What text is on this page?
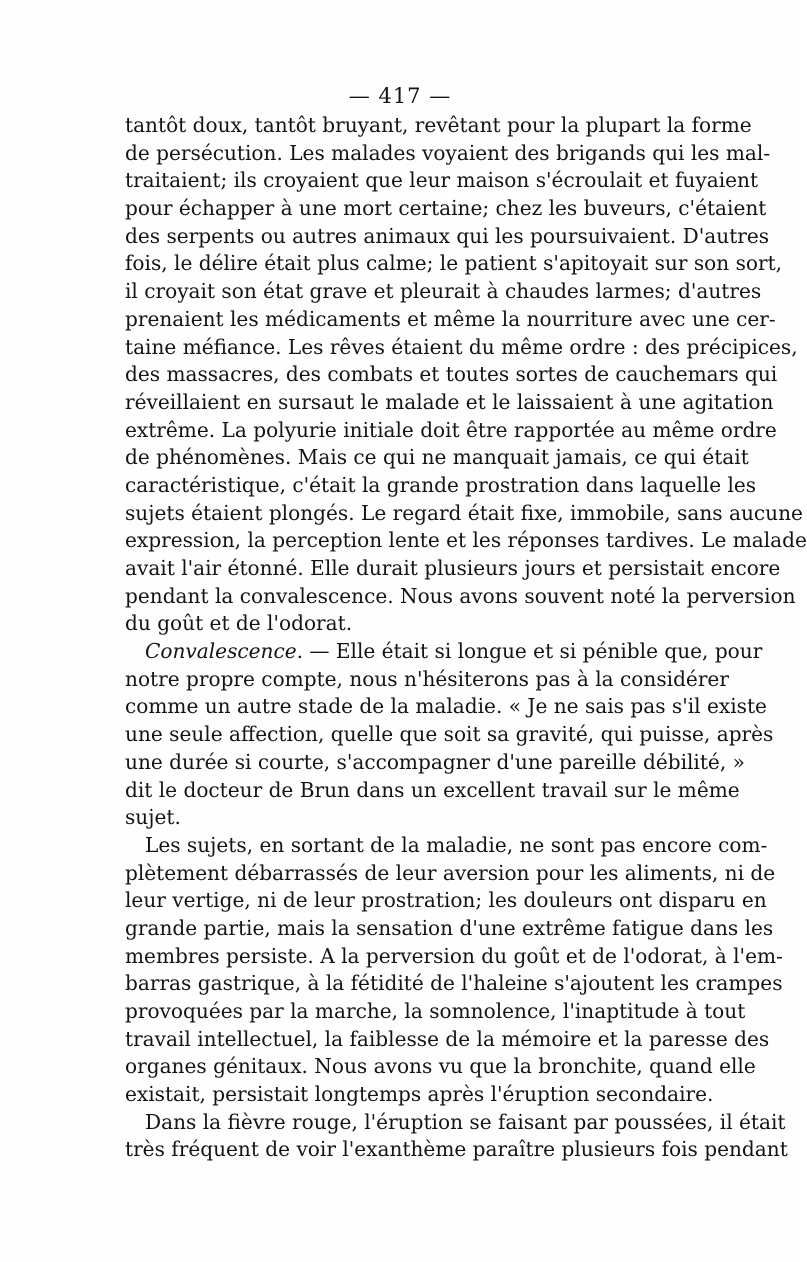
— 417 —
tantôt doux, tantôt bruyant, revêtant pour la plupart la forme
de persécution. Les malades voyaient des brigands qui les mal-
traitaient; ils croyaient que leur maison s'écroulait et fuyaient
pour échapper à une mort certaine; chez les buveurs, c'étaient
des serpents ou autres animaux qui les poursuivaient. D'autres
fois, le délire était plus calme; le patient s'apitoyait sur son sort,
il croyait son état grave et pleurait à chaudes larmes; d'autres
prenaient les médicaments et même la nourriture avec une cer-
taine méfiance. Les rêves étaient du même ordre : des précipices,
des massacres, des combats et toutes sortes de cauchemars qui
réveillaient en sursaut le malade et le laissaient à une agitation
extrême. La polyurie initiale doit être rapportée au même ordre
de phénomènes. Mais ce qui ne manquait jamais, ce qui était
caractéristique, c'était la grande prostration dans laquelle les
sujets étaient plongés. Le regard était fixe, immobile, sans aucune
expression, la perception lente et les réponses tardives. Le malade
avait l'air étonné. Elle durait plusieurs jours et persistait encore
pendant la convalescence. Nous avons souvent noté la perversion
du goût et de l'odorat.
Convalescence. — Elle était si longue et si pénible que, pour
notre propre compte, nous n'hésiterons pas à la considérer
comme un autre stade de la maladie. « Je ne sais pas s'il existe
une seule affection, quelle que soit sa gravité, qui puisse, après
une durée si courte, s'accompagner d'une pareille débilité, »
dit le docteur de Brun dans un excellent travail sur le même
sujet.
Les sujets, en sortant de la maladie, ne sont pas encore com-
plètement débarrassés de leur aversion pour les aliments, ni de
leur vertige, ni de leur prostration; les douleurs ont disparu en
grande partie, mais la sensation d'une extrême fatigue dans les
membres persiste. A la perversion du goût et de l'odorat, à l'em-
barras gastrique, à la fétidité de l'haleine s'ajoutent les crampes
provoquées par la marche, la somnolence, l'inaptitude à tout
travail intellectuel, la faiblesse de la mémoire et la paresse des
organes génitaux. Nous avons vu que la bronchite, quand elle
existait, persistait longtemps après l'éruption secondaire.
Dans la fièvre rouge, l'éruption se faisant par poussées, il était
très fréquent de voir l'exanthème paraître plusieurs fois pendant
